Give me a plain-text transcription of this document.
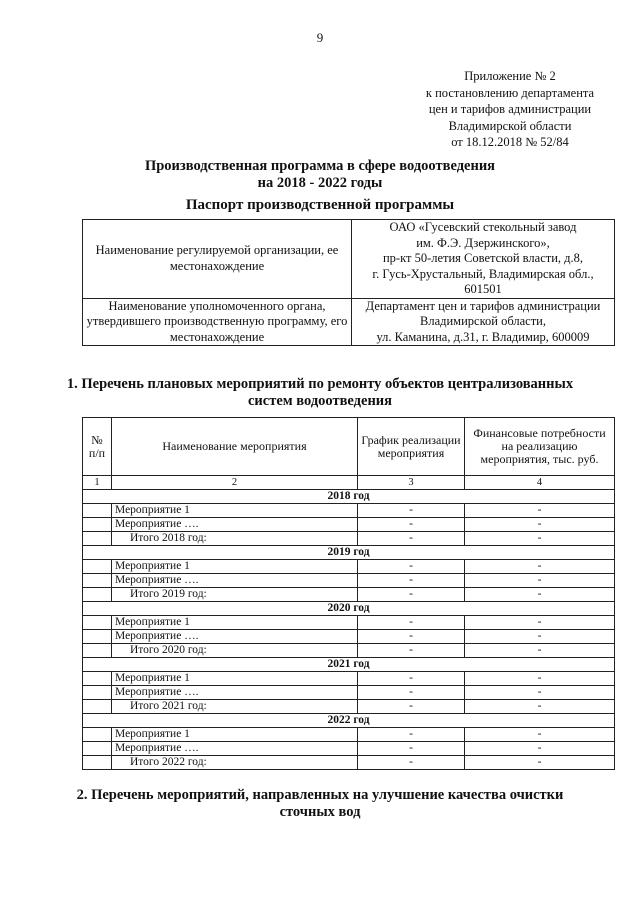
9
Приложение № 2
к постановлению департамента
цен и тарифов администрации
Владимирской области
от 18.12.2018 № 52/84
Производственная программа в сфере водоотведения
на 2018 - 2022 годы
Паспорт производственной программы
Наименование регулируемой организации, ее местонахождение	ОАО «Гусевский стекольный завод
им. Ф.Э. Дзержинского»,
пр-кт 50-летия Советской власти, д.8,
г. Гусь-Хрустальный, Владимирская обл.,
601501

Наименование уполномоченного органа, утвердившего производственную программу, его местонахождение	Департамент цен и тарифов администрации
Владимирской области,
ул. Каманина, д.31, г. Владимир, 600009
1. Перечень плановых мероприятий по ремонту объектов централизованных
систем водоотведения
№ п/п	Наименование мероприятия	График реализации мероприятия	Финансовые потребности на реализацию мероприятия, тыс. руб.
1	2	3	4
2018 год			
	Мероприятие 1	-	-
	Мероприятие ….	-	-
	Итого 2018 год:	-	-
2019 год			
	Мероприятие 1	-	-
	Мероприятие ….	-	-
	Итого 2019 год:	-	-
2020 год			
	Мероприятие 1	-	-
	Мероприятие ….	-	-
	Итого 2020 год:	-	-
2021 год			
	Мероприятие 1	-	-
	Мероприятие ….	-	-
	Итого 2021 год:	-	-
2022 год			
	Мероприятие 1	-	-
	Мероприятие ….	-	-
	Итого 2022 год:	-	-
2. Перечень мероприятий, направленных на улучшение качества очистки
сточных вод
